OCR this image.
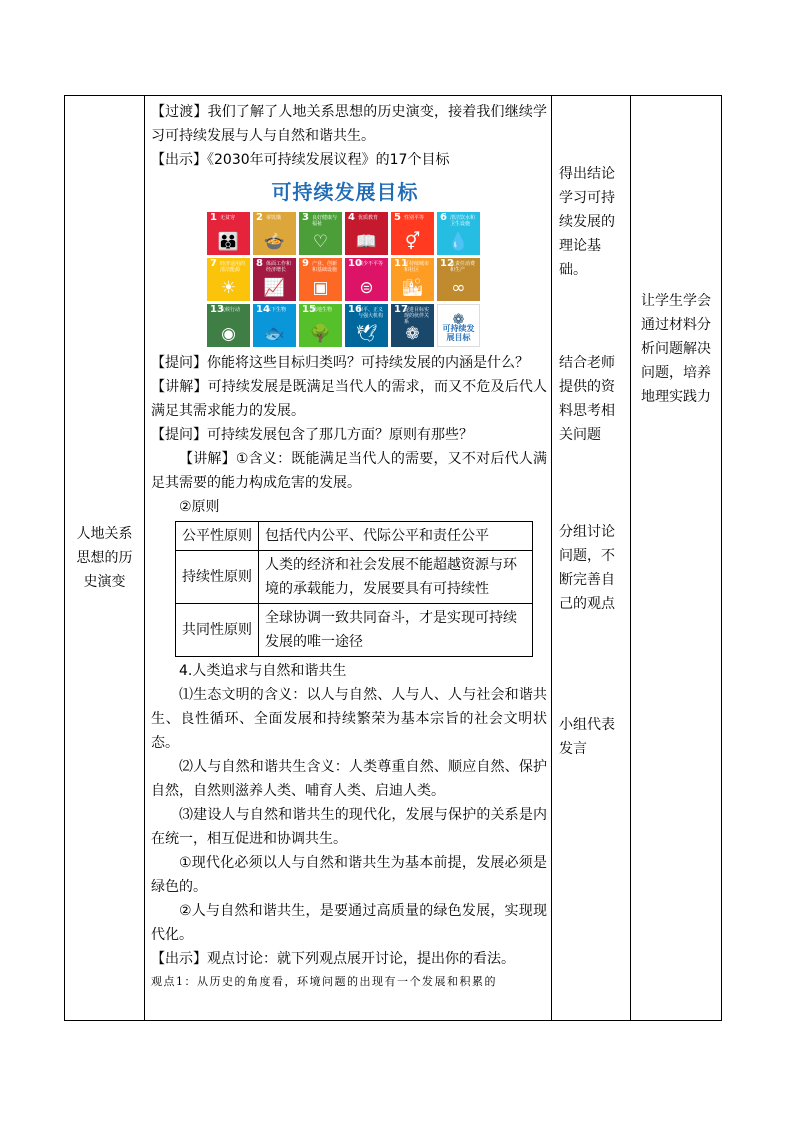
人地关系思想的历史演变

【过渡】我们了解了人地关系思想的历史演变，接着我们继续学习可持续发展与人与自然和谐共生。

【出示】《2030年可持续发展议程》的17个目标

可持续发展目标
1 无贫穷
👪
2 零饥饿
🍲
3 良好健康与福祉
♡
4 优质教育
📖
5 性别平等
⚥
6 清洁饮水和卫生设施
💧
7 经济适用的清洁能源
☀
8 体面工作和经济增长
📈
9 产业、创新和基础设施
▣
10
减少不平等
⊜
11
可持续城市和社区
🏙
12
负责任消费和生产
∞
13
气候行动
◉
14
水下生物
🐟
15
陆地生物
🌳
16
和平、正义与强大机构
🕊
17
促进目标实现的伙伴关系
❁
❁
可持续发展目标

【提问】你能将这些目标归类吗？可持续发展的内涵是什么？

【讲解】可持续发展是既满足当代人的需求，而又不危及后代人满足其需求能力的发展。

【提问】可持续发展包含了那几方面？原则有那些？

【讲解】①含义：既能满足当代人的需要，又不对后代人满足其需要的能力构成危害的发展。

②原则

公平性原则	包括代内公平、代际公平和责任公平
持续性原则	人类的经济和社会发展不能超越资源与环境的承载能力，发展要具有可持续性
共同性原则	全球协调一致共同奋斗，才是实现可持续发展的唯一途径

4.人类追求与自然和谐共生

⑴生态文明的含义：以人与自然、人与人、人与社会和谐共生、良性循环、全面发展和持续繁荣为基本宗旨的社会文明状态。

⑵人与自然和谐共生含义：人类尊重自然、顺应自然、保护自然，自然则滋养人类、哺育人类、启迪人类。

⑶建设人与自然和谐共生的现代化，发展与保护的关系是内在统一，相互促进和协调共生。

①现代化必须以人与自然和谐共生为基本前提，发展必须是绿色的。

②人与自然和谐共生，是要通过高质量的绿色发展，实现现代化。

【出示】观点讨论：就下列观点展开讨论，提出你的看法。

观点1：从历史的角度看，环境问题的出现有一个发展和积累的

得出结论学习可持续发展的理论基础。
结合老师提供的资料思考相关问题
分组讨论问题，不断完善自己的观点
小组代表发言
让学生学会通过材料分析问题解决问题，培养地理实践力
